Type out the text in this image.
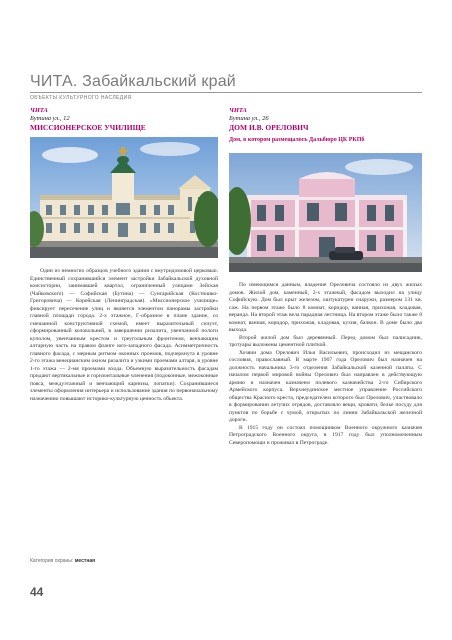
ЧИТА. Забайкальский край
ОБЪЕКТЫ КУЛЬТУРНОГО НАСЛЕДИЯ
ЧИТА
Бутина ул., 12
МИССИОНЕРСКОЕ УЧИЛИЩЕ

Один из немногих образцов учебного здания с внутридомовой церковью. Единственный сохранившийся элемент застройки Забайкальской духовной консистории, занимавшей квартал, ограниченный улицами Зейская (Чайковского) — Софийская (Бутина) — Сунгарийская (Костюшко-Григоровича) — Корейская (Ленинградская). «Миссионерское училище» фиксирует пересечение улиц и является элементом панорамы застройки главной площади города. 2-х этажное, Г-образное в плане здание, со смешанной конструктивной схемой, имеет выразительный силуэт, сформированный колокольней, в завершении ризалита, увенчанной пологи куполом, увенчанным крестом и треугольным фронтоном, венчающим алтарную часть на правом фланге юго-западного фасада. Асимметричность главного фасада, с мерным ритмом оконных проемов, подчеркнута в уровне 2-го этажа венецианским окном ризалита и узкими проемами алтаря, в уровне 1-го этажа — 2-мя проемами входа. Объемную выразительность фасадам придают вертикальные и горизонтальные членения (подоконные, межоконные пояса, междуэтажный и венчающий карнизы, лопатки). Сохранившиеся элементы оформления интерьера и использование здания по первоначальному назначению повышают историко-культурную ценность объекта.

Категория охраны: местная
ЧИТА
Бутина ул., 26
ДОМ И.В. ОРЕЛОВИЧ
Дом, в котором размещалось Дальбюро ЦК РКПб

По имеющимся данным, владение Ореловича состояло из двух жилых домов. Жилой дом, каменный, 2-х этажный, фасадом выходил на улицу Софийскую. Дом был крыт железом, оштукатурен снаружи, размером 131 кв. саж. На первом этаже было 8 комнат, коридор, ванная, прихожая, кладовая, веранда. На второй этаж вела парадная лестница. На втором этаже было также 8 комнат, ванная, коридор, прихожая, кладовая, кухня, балкон. В доме было два выхода.

Второй жилой дом был деревянный. Перед домом был палисадник, тротуары выложены цементной плиткой.

Хозяин дома Орелович Илья Васильевич, происходил из мещанского сословия, православный. В марте 1907 года Орелович был назначен на должность начальника 3-го отделения Забайкальской казенной палаты. С началом первой мировой войны Орелович был направлен в действующую армию и назначен казначеем полевого казначейства 2-го Сибирского Армейского корпуса. Верхнеудинское местное управление Российского общества Красного креста, председателем которого был Орелович, участвовало в формировании летучих отрядов, доставляло вещи, кровати, белье посуду для пунктов по борьбе с чумой, открытых по линии Забайкальской железной дороги.

В 1915 году он состоял помощником Военного окружного казначея Петроградского Военного округа, в 1917 году был уполномоченным Северопомощи и проживал в Петрограде.

44
